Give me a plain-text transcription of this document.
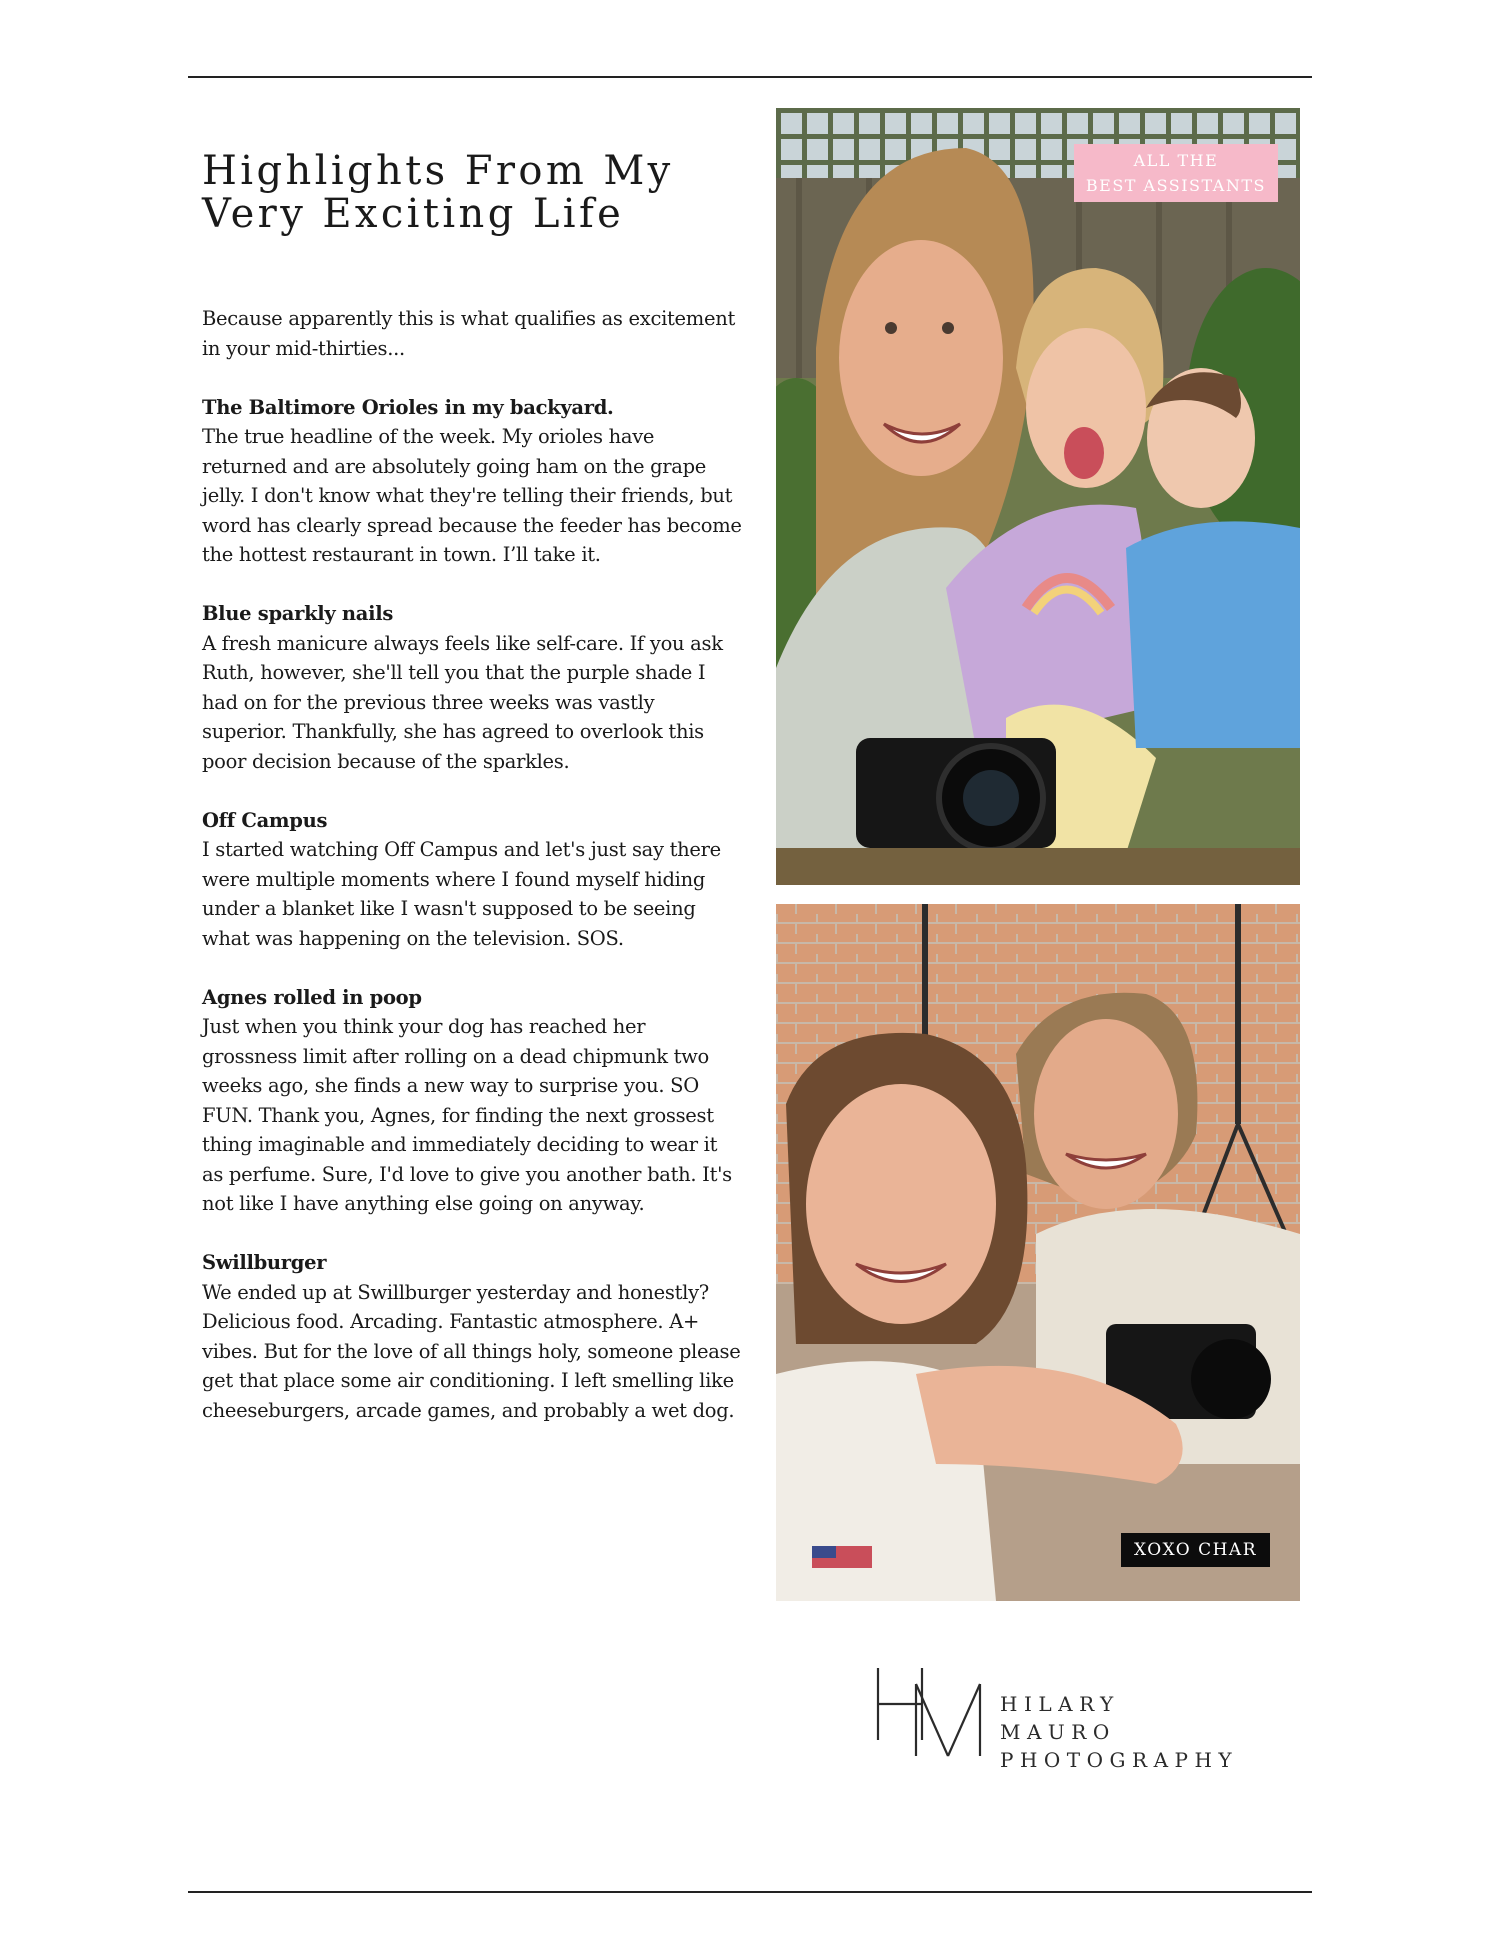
Highlights From My Very Exciting Life

Because apparently this is what qualifies as excitement in your mid-thirties...

The Baltimore Orioles in my backyard.
The true headline of the week. My orioles have returned and are absolutely going ham on the grape jelly. I don't know what they're telling their friends, but word has clearly spread because the feeder has become the hottest restaurant in town. I’ll take it.

Blue sparkly nails
A fresh manicure always feels like self-care. If you ask Ruth, however, she'll tell you that the purple shade I had on for the previous three weeks was vastly superior. Thankfully, she has agreed to overlook this poor decision because of the sparkles.

Off Campus
I started watching Off Campus and let's just say there were multiple moments where I found myself hiding under a blanket like I wasn't supposed to be seeing what was happening on the television. SOS.

Agnes rolled in poop
Just when you think your dog has reached her grossness limit after rolling on a dead chipmunk two weeks ago, she finds a new way to surprise you. SO FUN. Thank you, Agnes, for finding the next grossest thing imaginable and immediately deciding to wear it as perfume. Sure, I'd love to give you another bath. It's not like I have anything else going on anyway.

Swillburger
We ended up at Swillburger yesterday and honestly? Delicious food. Arcading. Fantastic atmosphere. A+ vibes. But for the love of all things holy, someone please get that place some air conditioning. I left smelling like cheeseburgers, arcade games, and probably a wet dog.

ALL THE
BEST ASSISTANTS
XOXO CHAR
HILARY MAURO
PHOTOGRAPHY
